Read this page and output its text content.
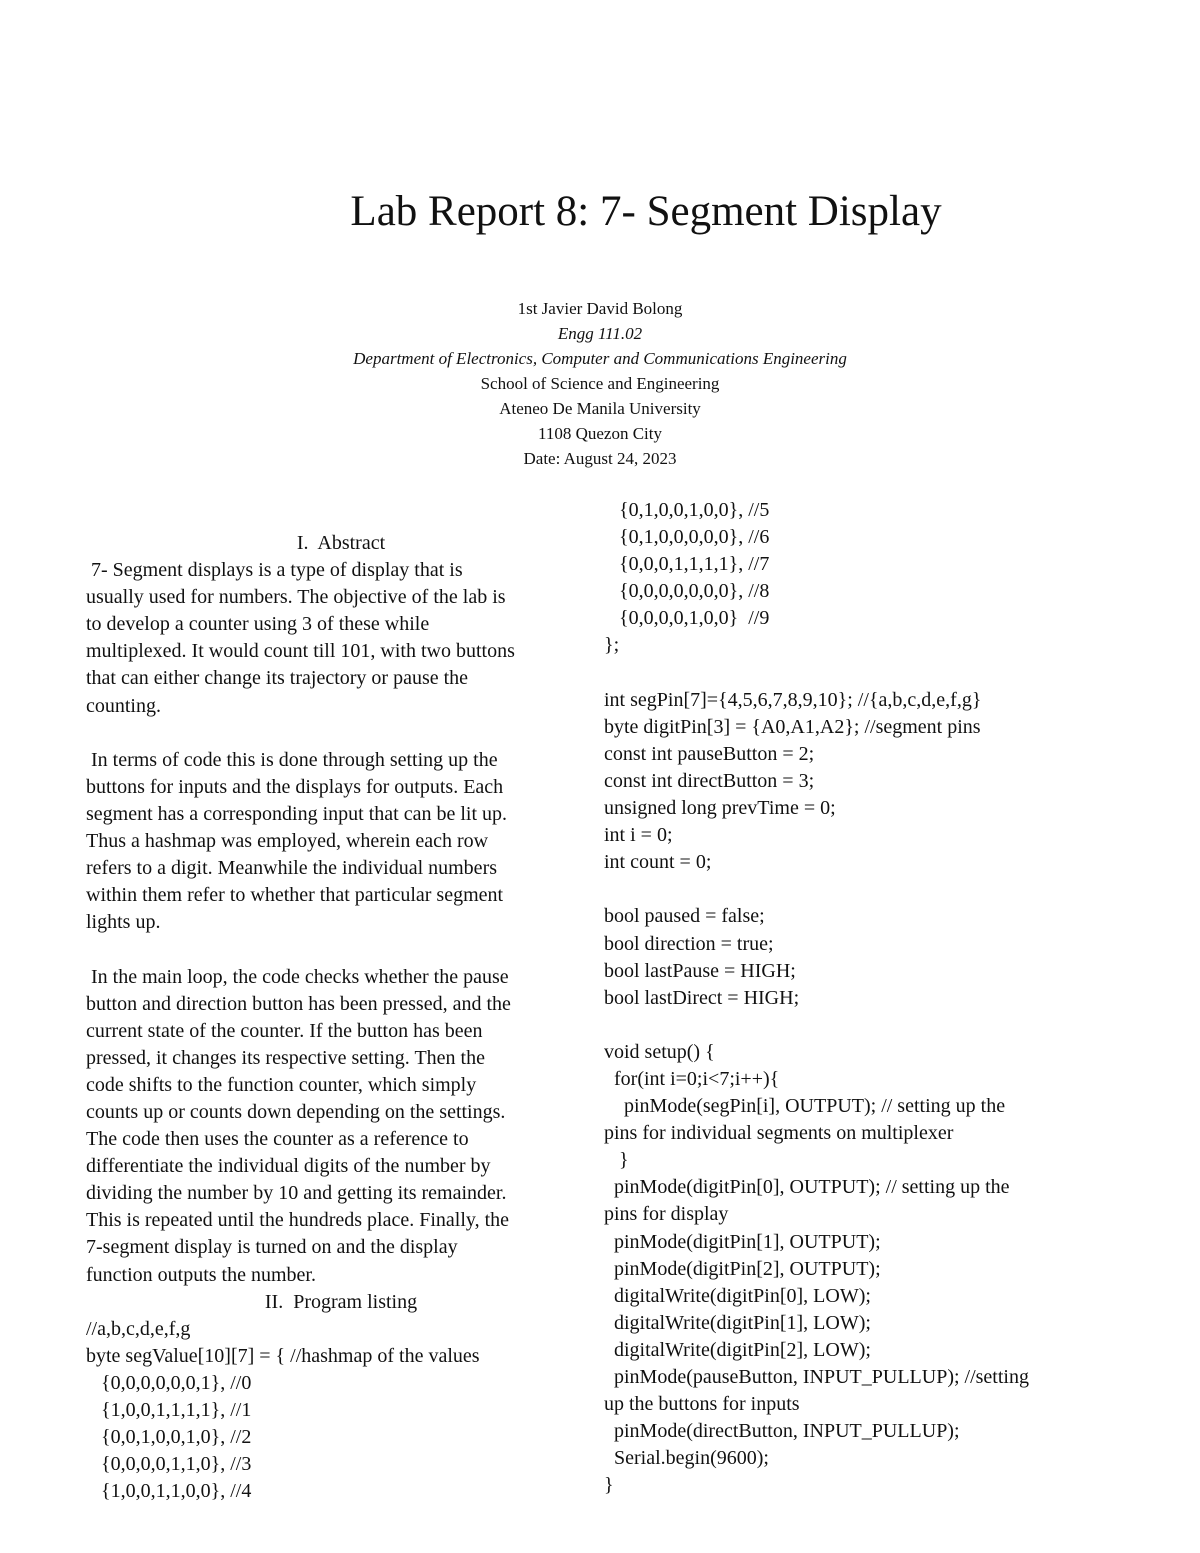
Lab Report 8: 7- Segment Display
1st Javier David Bolong
Engg 111.02
Department of Electronics, Computer and Communications Engineering
School of Science and Engineering
Ateneo De Manila University
1108 Quezon City
Date: August 24, 2023
I.  Abstract
7- Segment displays is a type of display that is
usually used for numbers. The objective of the lab is
to develop a counter using 3 of these while
multiplexed. It would count till 101, with two buttons
that can either change its trajectory or pause the
counting.
In terms of code this is done through setting up the
buttons for inputs and the displays for outputs. Each
segment has a corresponding input that can be lit up.
Thus a hashmap was employed, wherein each row
refers to a digit. Meanwhile the individual numbers
within them refer to whether that particular segment
lights up.
In the main loop, the code checks whether the pause
button and direction button has been pressed, and the
current state of the counter. If the button has been
pressed, it changes its respective setting. Then the
code shifts to the function counter, which simply
counts up or counts down depending on the settings.
The code then uses the counter as a reference to
differentiate the individual digits of the number by
dividing the number by 10 and getting its remainder.
This is repeated until the hundreds place. Finally, the
7-segment display is turned on and the display
function outputs the number.
II.  Program listing
//a,b,c,d,e,f,g
byte segValue[10][7] = { //hashmap of the values
{0,0,0,0,0,0,1}, //0
{1,0,0,1,1,1,1}, //1
{0,0,1,0,0,1,0}, //2
{0,0,0,0,1,1,0}, //3
{1,0,0,1,1,0,0}, //4
{0,1,0,0,1,0,0}, //5
{0,1,0,0,0,0,0}, //6
{0,0,0,1,1,1,1}, //7
{0,0,0,0,0,0,0}, //8
{0,0,0,0,1,0,0}  //9
};
int segPin[7]={4,5,6,7,8,9,10}; //{a,b,c,d,e,f,g}
byte digitPin[3] = {A0,A1,A2}; //segment pins
const int pauseButton = 2;
const int directButton = 3;
unsigned long prevTime = 0;
int i = 0;
int count = 0;
bool paused = false;
bool direction = true;
bool lastPause = HIGH;
bool lastDirect = HIGH;
void setup() {
for(int i=0;i<7;i++){
pinMode(segPin[i], OUTPUT); // setting up the
pins for individual segments on multiplexer
}
pinMode(digitPin[0], OUTPUT); // setting up the
pins for display
pinMode(digitPin[1], OUTPUT);
pinMode(digitPin[2], OUTPUT);
digitalWrite(digitPin[0], LOW);
digitalWrite(digitPin[1], LOW);
digitalWrite(digitPin[2], LOW);
pinMode(pauseButton, INPUT_PULLUP); //setting
up the buttons for inputs
pinMode(directButton, INPUT_PULLUP);
Serial.begin(9600);
}
